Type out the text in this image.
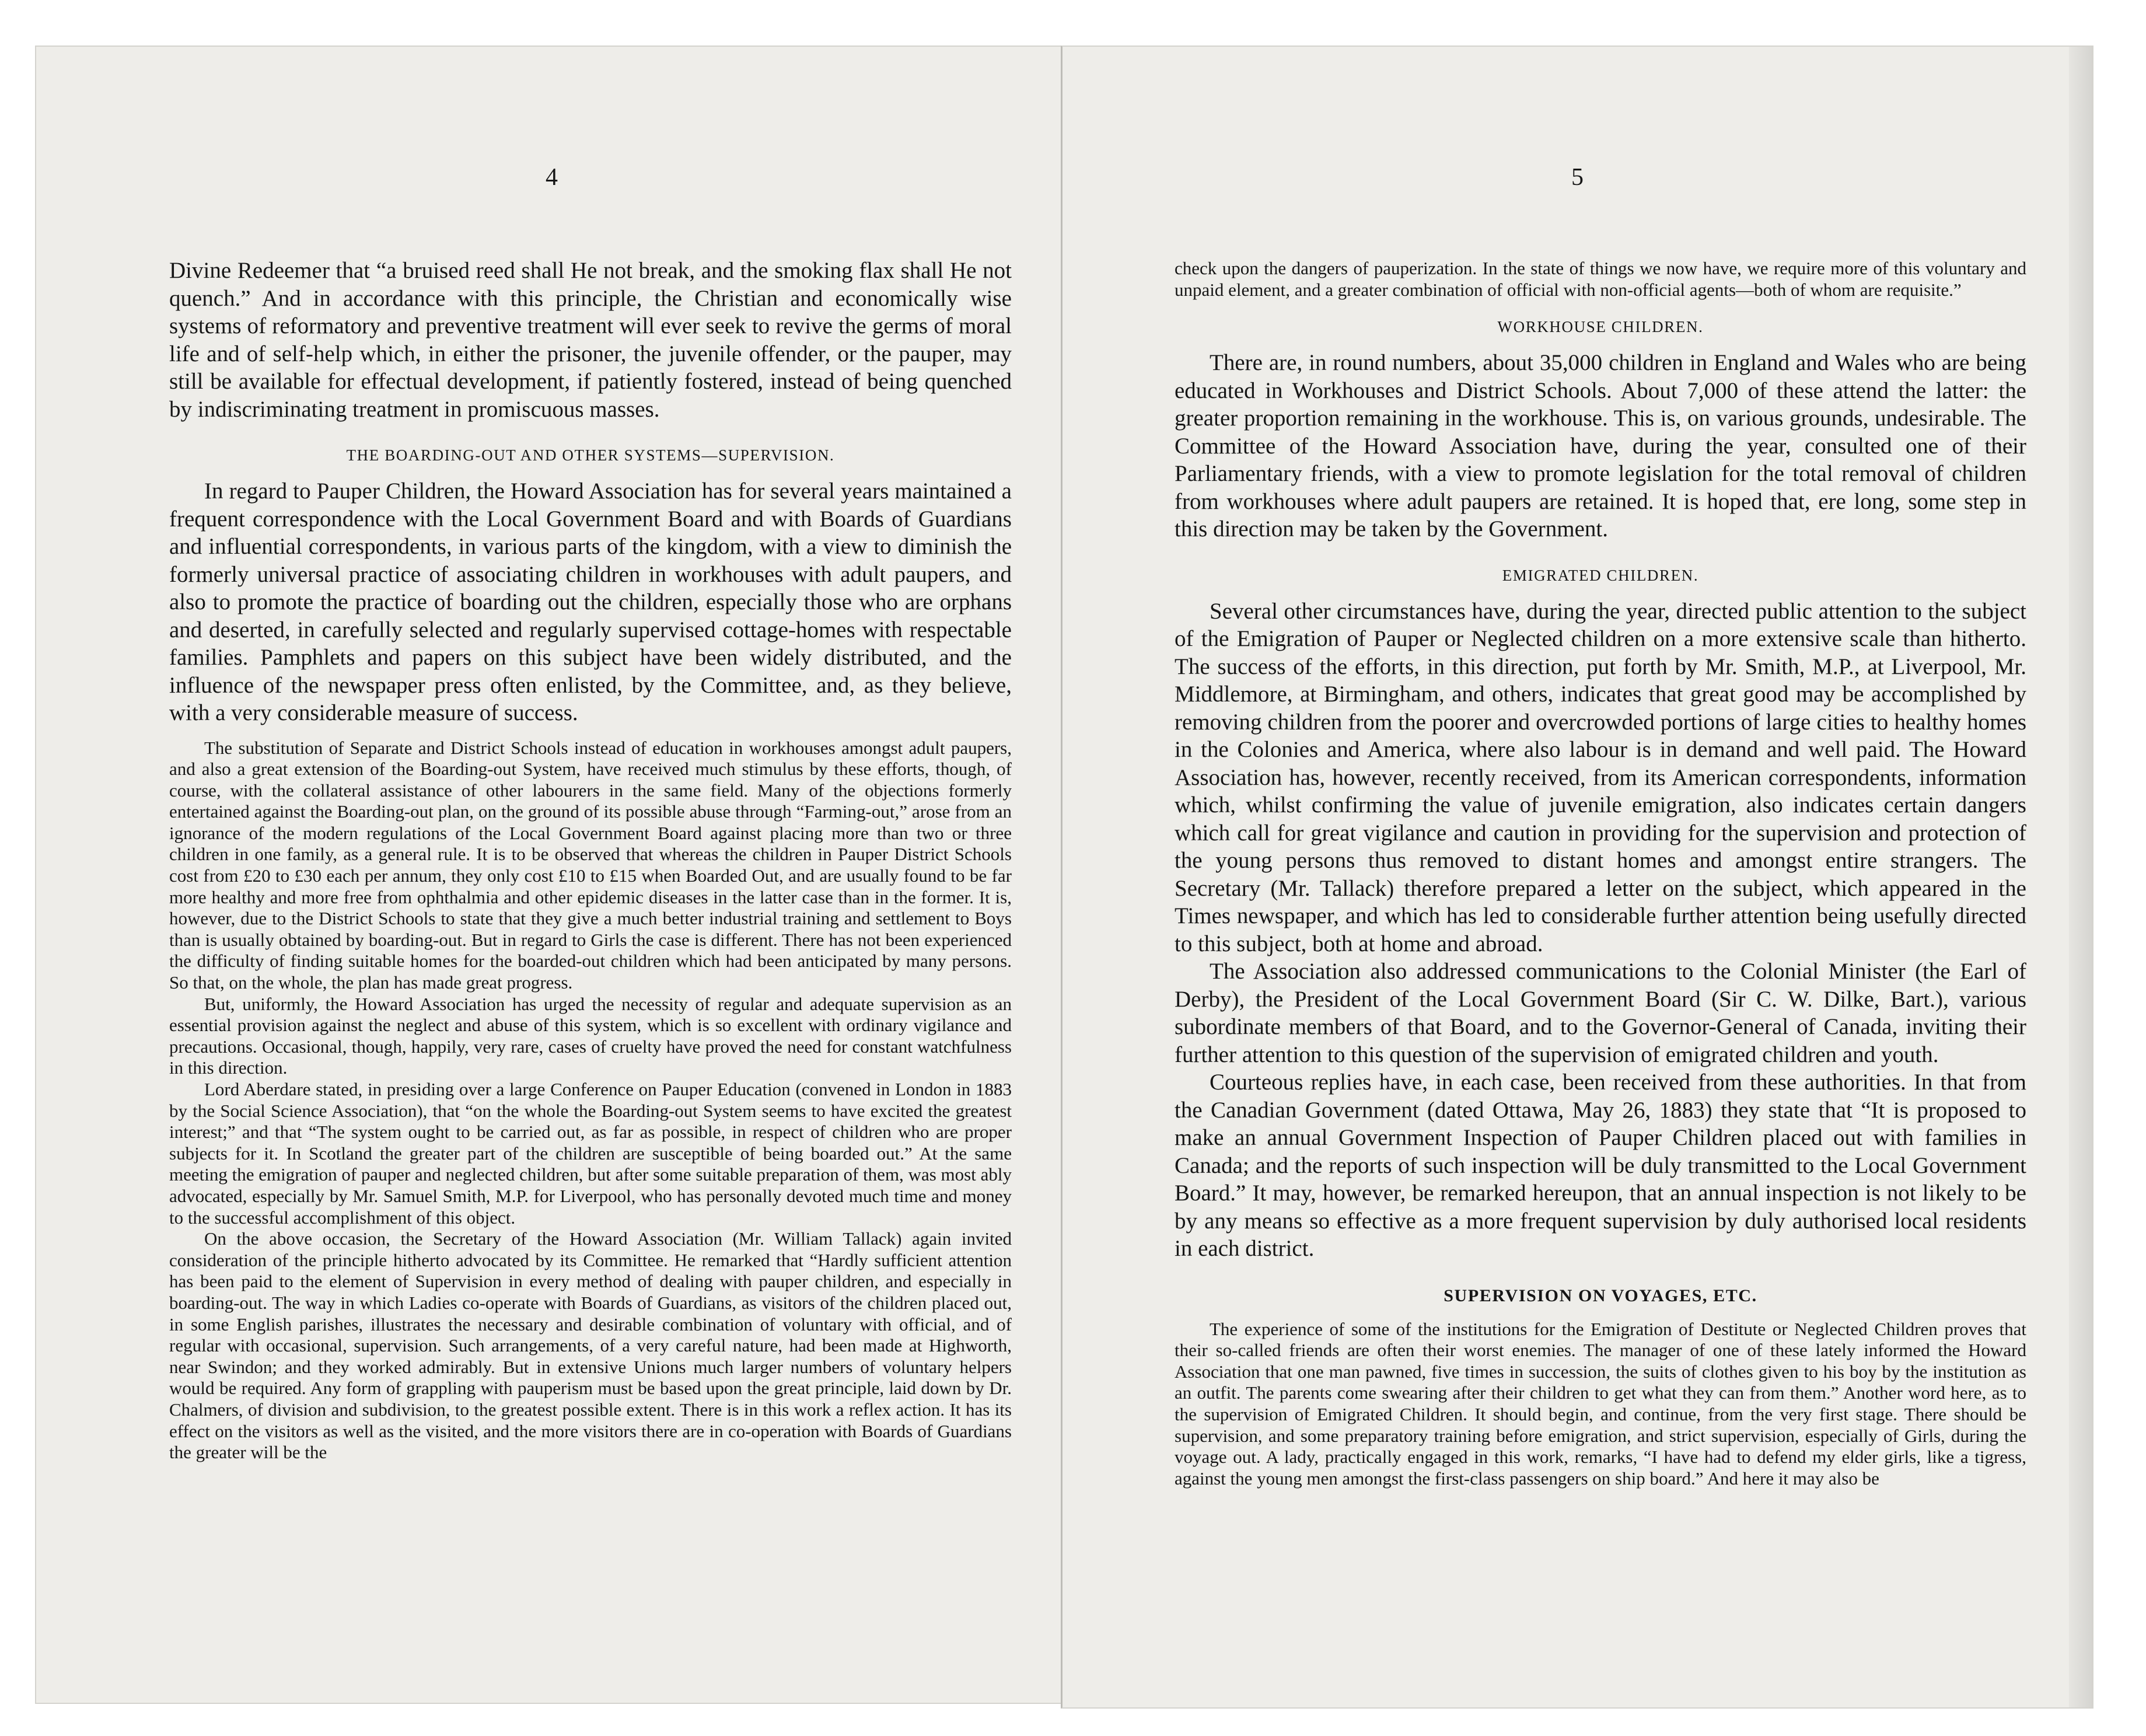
4

Divine Redeemer that “a bruised reed shall He not break, and the smoking flax shall He not quench.” And in accordance with this principle, the Christian and economically wise systems of reformatory and preventive treatment will ever seek to revive the germs of moral life and of self-help which, in either the prisoner, the juvenile offender, or the pauper, may still be available for effectual development, if patiently fostered, instead of being quenched by indiscriminating treatment in promiscuous masses.

THE BOARDING-OUT AND OTHER SYSTEMS—SUPERVISION.

In regard to Pauper Children, the Howard Association has for several years maintained a frequent correspondence with the Local Government Board and with Boards of Guardians and influential correspondents, in various parts of the kingdom, with a view to diminish the formerly universal practice of associating children in workhouses with adult paupers, and also to promote the practice of boarding out the children, especially those who are orphans and deserted, in carefully selected and regularly supervised cottage-homes with respectable families. Pamphlets and papers on this subject have been widely distributed, and the influence of the newspaper press often enlisted, by the Committee, and, as they believe, with a very considerable measure of success.

The substitution of Separate and District Schools instead of education in workhouses amongst adult paupers, and also a great extension of the Boarding-out System, have received much stimulus by these efforts, though, of course, with the collateral assistance of other labourers in the same field. Many of the objections formerly entertained against the Boarding-out plan, on the ground of its possible abuse through “Farming-out,” arose from an ignorance of the modern regulations of the Local Government Board against placing more than two or three children in one family, as a general rule. It is to be observed that whereas the children in Pauper District Schools cost from £20 to £30 each per annum, they only cost £10 to £15 when Boarded Out, and are usually found to be far more healthy and more free from ophthalmia and other epidemic diseases in the latter case than in the former. It is, however, due to the District Schools to state that they give a much better industrial training and settlement to Boys than is usually obtained by boarding-out. But in regard to Girls the case is different. There has not been experienced the difficulty of finding suitable homes for the boarded-out children which had been anticipated by many persons. So that, on the whole, the plan has made great progress.

But, uniformly, the Howard Association has urged the necessity of regular and adequate supervision as an essential provision against the neglect and abuse of this system, which is so excellent with ordinary vigilance and precautions. Occasional, though, happily, very rare, cases of cruelty have proved the need for constant watchfulness in this direction.

Lord Aberdare stated, in presiding over a large Conference on Pauper Education (convened in London in 1883 by the Social Science Association), that “on the whole the Boarding-out System seems to have excited the greatest interest;” and that “The system ought to be carried out, as far as possible, in respect of children who are proper subjects for it. In Scotland the greater part of the children are susceptible of being boarded out.” At the same meeting the emigration of pauper and neglected children, but after some suitable preparation of them, was most ably advocated, especially by Mr. Samuel Smith, M.P. for Liverpool, who has personally devoted much time and money to the successful accomplishment of this object.

On the above occasion, the Secretary of the Howard Association (Mr. William Tallack) again invited consideration of the principle hitherto advocated by its Committee. He remarked that “Hardly sufficient attention has been paid to the element of Supervision in every method of dealing with pauper children, and especially in boarding-out. The way in which Ladies co-operate with Boards of Guardians, as visitors of the children placed out, in some English parishes, illustrates the necessary and desirable combination of voluntary with official, and of regular with occasional, supervision. Such arrangements, of a very careful nature, had been made at Highworth, near Swindon; and they worked admirably. But in extensive Unions much larger numbers of voluntary helpers would be required. Any form of grappling with pauperism must be based upon the great principle, laid down by Dr. Chalmers, of division and subdivision, to the greatest possible extent. There is in this work a reflex action. It has its effect on the visitors as well as the visited, and the more visitors there are in co-operation with Boards of Guardians the greater will be the

5

check upon the dangers of pauperization. In the state of things we now have, we require more of this voluntary and unpaid element, and a greater combination of official with non-official agents—both of whom are requisite.”

WORKHOUSE CHILDREN.

There are, in round numbers, about 35,000 children in England and Wales who are being educated in Workhouses and District Schools. About 7,000 of these attend the latter: the greater proportion remaining in the workhouse. This is, on various grounds, undesirable. The Committee of the Howard Association have, during the year, consulted one of their Parliamentary friends, with a view to promote legislation for the total removal of children from workhouses where adult paupers are retained. It is hoped that, ere long, some step in this direction may be taken by the Government.

EMIGRATED CHILDREN.

Several other circumstances have, during the year, directed public attention to the subject of the Emigration of Pauper or Neglected children on a more extensive scale than hitherto. The success of the efforts, in this direction, put forth by Mr. Smith, M.P., at Liverpool, Mr. Middlemore, at Birmingham, and others, indicates that great good may be accomplished by removing children from the poorer and overcrowded portions of large cities to healthy homes in the Colonies and America, where also labour is in demand and well paid. The Howard Association has, however, recently received, from its American correspondents, information which, whilst confirming the value of juvenile emigration, also indicates certain dangers which call for great vigilance and caution in providing for the supervision and protection of the young persons thus removed to distant homes and amongst entire strangers. The Secretary (Mr. Tallack) therefore prepared a letter on the subject, which appeared in the Times newspaper, and which has led to considerable further attention being usefully directed to this subject, both at home and abroad.

The Association also addressed communications to the Colonial Minister (the Earl of Derby), the President of the Local Government Board (Sir C. W. Dilke, Bart.), various subordinate members of that Board, and to the Governor-General of Canada, inviting their further attention to this question of the supervision of emigrated children and youth.

Courteous replies have, in each case, been received from these authorities. In that from the Canadian Government (dated Ottawa, May 26, 1883) they state that “It is proposed to make an annual Government Inspection of Pauper Children placed out with families in Canada; and the reports of such inspection will be duly transmitted to the Local Government Board.” It may, however, be remarked hereupon, that an annual inspection is not likely to be by any means so effective as a more frequent supervision by duly authorised local residents in each district.

SUPERVISION ON VOYAGES, ETC.

The experience of some of the institutions for the Emigration of Destitute or Neglected Children proves that their so-called friends are often their worst enemies. The manager of one of these lately informed the Howard Association that one man pawned, five times in succession, the suits of clothes given to his boy by the institution as an outfit. The parents come swearing after their children to get what they can from them.” Another word here, as to the supervision of Emigrated Children. It should begin, and continue, from the very first stage. There should be supervision, and some preparatory training before emigration, and strict supervision, especially of Girls, during the voyage out. A lady, practically engaged in this work, remarks, “I have had to defend my elder girls, like a tigress, against the young men amongst the first-class passengers on ship board.” And here it may also be
